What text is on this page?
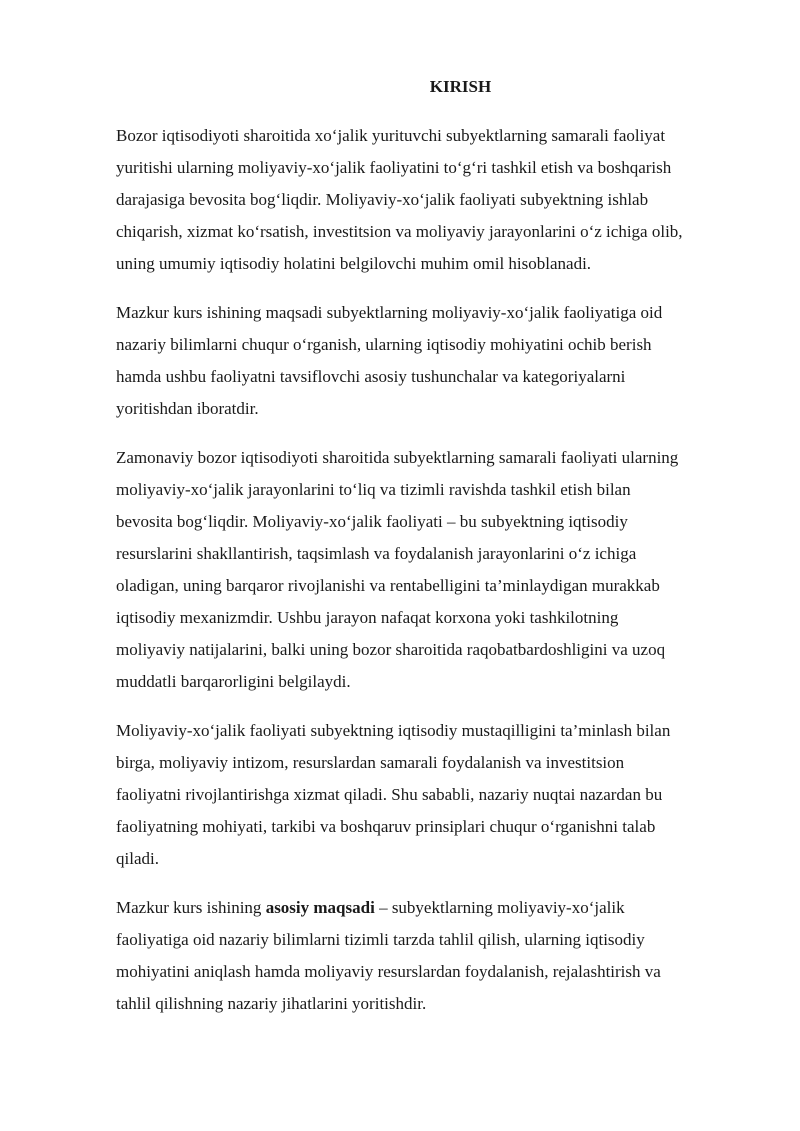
KIRISH
Bozor iqtisodiyoti sharoitida xo‘jalik yurituvchi subyektlarning samarali faoliyat
yuritishi ularning moliyaviy-xo‘jalik faoliyatini to‘g‘ri tashkil etish va boshqarish
darajasiga bevosita bog‘liqdir. Moliyaviy-xo‘jalik faoliyati subyektning ishlab
chiqarish, xizmat ko‘rsatish, investitsion va moliyaviy jarayonlarini o‘z ichiga olib,
uning umumiy iqtisodiy holatini belgilovchi muhim omil hisoblanadi.
Mazkur kurs ishining maqsadi subyektlarning moliyaviy-xo‘jalik faoliyatiga oid
nazariy bilimlarni chuqur o‘rganish, ularning iqtisodiy mohiyatini ochib berish
hamda ushbu faoliyatni tavsiflovchi asosiy tushunchalar va kategoriyalarni
yoritishdan iboratdir.
Zamonaviy bozor iqtisodiyoti sharoitida subyektlarning samarali faoliyati ularning
moliyaviy-xo‘jalik jarayonlarini to‘liq va tizimli ravishda tashkil etish bilan
bevosita bog‘liqdir. Moliyaviy-xo‘jalik faoliyati – bu subyektning iqtisodiy
resurslarini shakllantirish, taqsimlash va foydalanish jarayonlarini o‘z ichiga
oladigan, uning barqaror rivojlanishi va rentabelligini ta’minlaydigan murakkab
iqtisodiy mexanizmdir. Ushbu jarayon nafaqat korxona yoki tashkilotning
moliyaviy natijalarini, balki uning bozor sharoitida raqobatbardoshligini va uzoq
muddatli barqarorligini belgilaydi.
Moliyaviy-xo‘jalik faoliyati subyektning iqtisodiy mustaqilligini ta’minlash bilan
birga, moliyaviy intizom, resurslardan samarali foydalanish va investitsion
faoliyatni rivojlantirishga xizmat qiladi. Shu sababli, nazariy nuqtai nazardan bu
faoliyatning mohiyati, tarkibi va boshqaruv prinsiplari chuqur o‘rganishni talab
qiladi.
Mazkur kurs ishining asosiy maqsadi – subyektlarning moliyaviy-xo‘jalik
faoliyatiga oid nazariy bilimlarni tizimli tarzda tahlil qilish, ularning iqtisodiy
mohiyatini aniqlash hamda moliyaviy resurslardan foydalanish, rejalashtirish va
tahlil qilishning nazariy jihatlarini yoritishdir.
